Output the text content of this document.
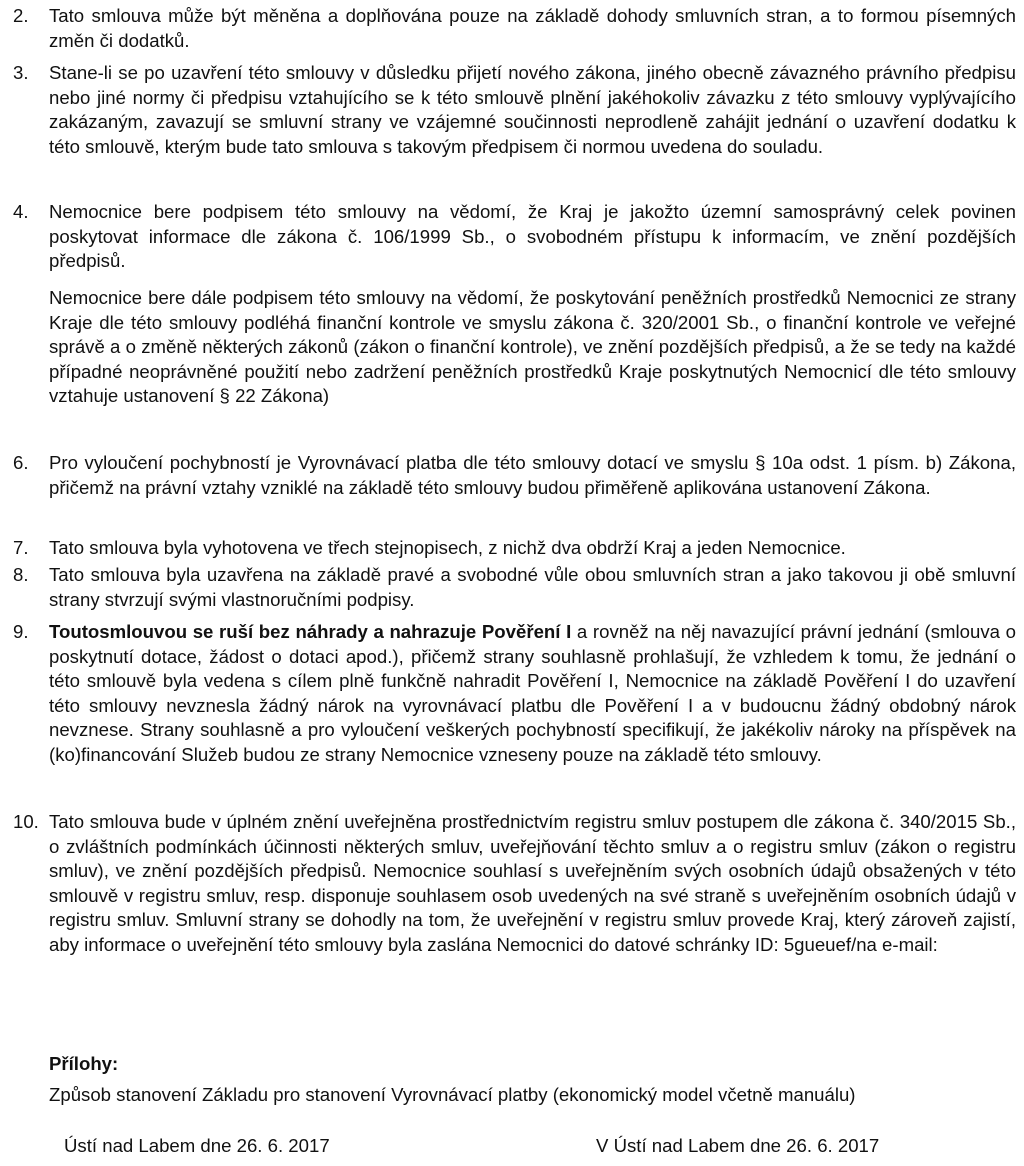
2. Tato smlouva může být měněna a doplňována pouze na základě dohody smluvních stran, a to formou písemných změn či dodatků.
3. Stane-li se po uzavření této smlouvy v důsledku přijetí nového zákona, jiného obecně závazného právního předpisu nebo jiné normy či předpisu vztahujícího se k této smlouvě plnění jakéhokoliv závazku z této smlouvy vyplývajícího zakázaným, zavazují se smluvní strany ve vzájemné součinnosti neprodleně zahájit jednání o uzavření dodatku k této smlouvě, kterým bude tato smlouva s takovým předpisem či normou uvedena do souladu.
4. Nemocnice bere podpisem této smlouvy na vědomí, že Kraj je jakožto územní samosprávný celek povinen poskytovat informace dle zákona č. 106/1999 Sb., o svobodném přístupu k informacím, ve znění pozdějších předpisů.
Nemocnice bere dále podpisem této smlouvy na vědomí, že poskytování peněžních prostředků Nemocnici ze strany Kraje dle této smlouvy podléhá finanční kontrole ve smyslu zákona č. 320/2001 Sb., o finanční kontrole ve veřejné správě a o změně některých zákonů (zákon o finanční kontrole), ve znění pozdějších předpisů, a že se tedy na každé případné neoprávněné použití nebo zadržení peněžních prostředků Kraje poskytnutých Nemocnicí dle této smlouvy vztahuje ustanovení § 22 Zákona)
6. Pro vyloučení pochybností je Vyrovnávací platba dle této smlouvy dotací ve smyslu § 10a odst. 1 písm. b) Zákona, přičemž na právní vztahy vzniklé na základě této smlouvy budou přiměřeně aplikována ustanovení Zákona.
7. Tato smlouva byla vyhotovena ve třech stejnopisech, z nichž dva obdrží Kraj a jeden Nemocnice.
8. Tato smlouva byla uzavřena na základě pravé a svobodné vůle obou smluvních stran a jako takovou ji obě smluvní strany stvrzují svými vlastnoručními podpisy.
9. Toutosmlouvou se ruší bez náhrady a nahrazuje Pověření I a rovněž na něj navazující právní jednání (smlouva o poskytnutí dotace, žádost o dotaci apod.), přičemž strany souhlasně prohlašují, že vzhledem k tomu, že jednání o této smlouvě byla vedena s cílem plně funkčně nahradit Pověření I, Nemocnice na základě Pověření I do uzavření této smlouvy nevznesla žádný nárok na vyrovnávací platbu dle Pověření I a v budoucnu žádný obdobný nárok nevznese. Strany souhlasně a pro vyloučení veškerých pochybností specifikují, že jakékoliv nároky na příspěvek na (ko)financování Služeb budou ze strany Nemocnice vzneseny pouze na základě této smlouvy.
10. Tato smlouva bude v úplném znění uveřejněna prostřednictvím registru smluv postupem dle zákona č. 340/2015 Sb., o zvláštních podmínkách účinnosti některých smluv, uveřejňování těchto smluv a o registru smluv (zákon o registru smluv), ve znění pozdějších předpisů. Nemocnice souhlasí s uveřejněním svých osobních údajů obsažených v této smlouvě v registru smluv, resp. disponuje souhlasem osob uvedených na své straně s uveřejněním osobních údajů v registru smluv. Smluvní strany se dohodly na tom, že uveřejnění v registru smluv provede Kraj, který zároveň zajistí, aby informace o uveřejnění této smlouvy byla zaslána Nemocnici do datové schránky ID: 5gueuef/na e-mail:
Přílohy:
Způsob stanovení Základu pro stanovení Vyrovnávací platby (ekonomický model včetně manuálu)
Ústí nad Labem dne 26. 6. 2017	V Ústí nad Labem dne 26. 6. 2017
